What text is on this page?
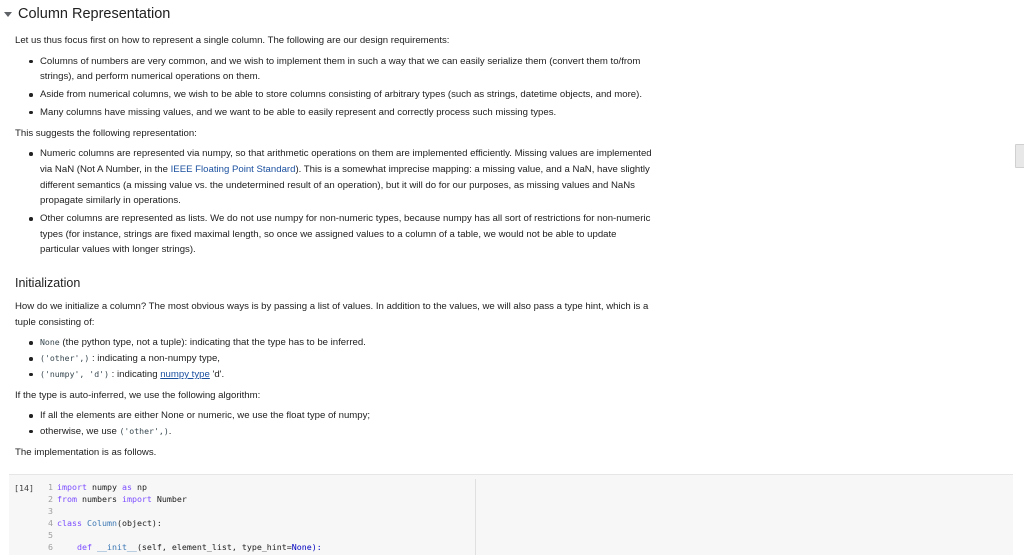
Column Representation

Let us thus focus first on how to represent a single column. The following are our design requirements:

Columns of numbers are very common, and we wish to implement them in such a way that we can easily serialize them (convert them to/from strings), and perform numerical operations on them.
Aside from numerical columns, we wish to be able to store columns consisting of arbitrary types (such as strings, datetime objects, and more).
Many columns have missing values, and we want to be able to easily represent and correctly process such missing types.

This suggests the following representation:

Numeric columns are represented via numpy, so that arithmetic operations on them are implemented efficiently. Missing values are implemented via NaN (Not A Number, in the IEEE Floating Point Standard). This is a somewhat imprecise mapping: a missing value, and a NaN, have slightly different semantics (a missing value vs. the undetermined result of an operation), but it will do for our purposes, as missing values and NaNs propagate similarly in operations.
Other columns are represented as lists. We do not use numpy for non-numeric types, because numpy has all sort of restrictions for non-numeric types (for instance, strings are fixed maximal length, so once we assigned values to a column of a table, we would not be able to update particular values with longer strings).
Initialization

How do we initialize a column? The most obvious ways is by passing a list of values. In addition to the values, we will also pass a type hint, which is a tuple consisting of:

None (the python type, not a tuple): indicating that the type has to be inferred.
('other',) : indicating a non-numpy type,
('numpy', 'd') : indicating numpy type 'd'.

If the type is auto-inferred, we use the following algorithm:

If all the elements are either None or numeric, we use the float type of numpy;
otherwise, we use ('other',).

The implementation is as follows.

[14]	1 import numpy as np
2 from numbers import Number
3
4 class
Column (object):
5
6 def __init__ (self, element_list, type_hint= None):
